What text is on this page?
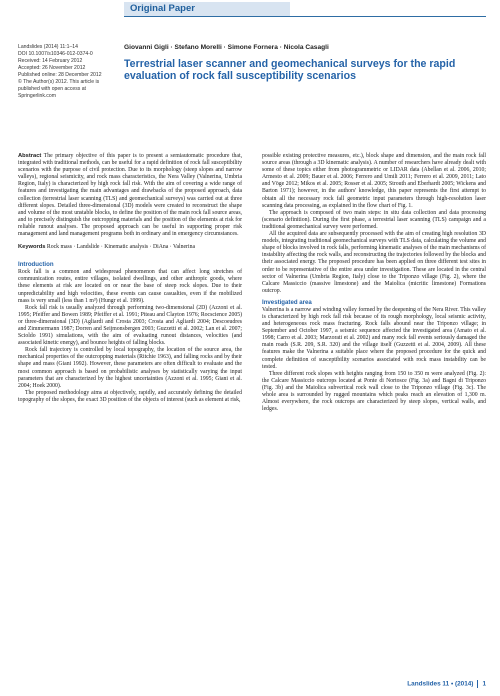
Original Paper
Landslides (2014) 11:1–14
DOI 10.1007/s10346-012-0374-0
Received: 14 February 2012
Accepted: 26 November 2012
Published online: 28 December 2012
© The Author(s) 2012. This article is
published with open access at
Springerlink.com
Giovanni Gigli · Stefano Morelli · Simone Fornera · Nicola Casagli
Terrestrial laser scanner and geomechanical surveys for the rapid evaluation of rock fall susceptibility scenarios

Abstract The primary objective of this paper is to present a semiautomatic procedure that, integrated with traditional methods, can be useful for a rapid definition of rock fall susceptibility scenarios with the purpose of civil protection. Due to its morphology (steep slopes and narrow valleys), regional seismicity, and rock mass characteristics, the Nera Valley (Valnerina, Umbria Region, Italy) is characterized by high rock fall risk. With the aim of covering a wide range of features and investigating the main advantages and drawbacks of the proposed approach, data collection (terrestrial laser scanning (TLS) and geomechanical surveys) was carried out at three different slopes. Detailed three-dimensional (3D) models were created to reconstruct the shape and volume of the most unstable blocks, to define the position of the main rock fall source areas, and to precisely distinguish the outcropping materials and the position of the elements at risk for reliable runout analyses. The proposed approach can be useful in supporting proper risk management and land management programs both in ordinary and in emergency circumstances.

Keywords Rock mass · Landslide · Kinematic analysis · DiAna · Valnerina

Introduction

Rock fall is a common and widespread phenomenon that can affect long stretches of communication routes, entire villages, isolated dwellings, and other anthropic goods, where these elements at risk are located on or near the base of steep rock slopes. Due to their unpredictability and high velocities, these events can cause casualties, even if the mobilized mass is very small (less than 1 m³) (Hungr et al. 1999).

Rock fall risk is usually analyzed through performing two-dimensional (2D) (Azzoni et al. 1995; Pfeiffer and Bowen 1989; Pfeiffer et al. 1991; Piteau and Clayton 1976; Rocscience 2005) or three-dimensional (3D) (Agliardi and Crosta 2003; Crosta and Agliardi 2004; Descoeudres and Zimmermann 1987; Dorren and Seijmonsbergen 2003; Guzzetti et al. 2002; Lan et al. 2007; Scioldo 1991) simulations, with the aim of evaluating runout distances, velocities (and associated kinetic energy), and bounce heights of falling blocks.

Rock fall trajectory is controlled by local topography, the location of the source area, the mechanical properties of the outcropping materials (Ritchie 1963), and falling rocks and by their shape and mass (Giani 1992). However, these parameters are often difficult to evaluate and the most common approach is based on probabilistic analyses by statistically varying the input parameters that are characterized by the highest uncertainties (Azzoni et al. 1995; Giani et al. 2004; Hoek 2000).

The proposed methodology aims at objectively, rapidly, and accurately defining the detailed topography of the slopes, the exact 3D position of the objects of interest (such as element at risk,

possible existing protective measures, etc.), block shape and dimension, and the main rock fall source areas (through a 3D kinematic analysis). A number of researchers have already dealt with some of these topics either from photogrammetric or LIDAR data (Abellan et al. 2006, 2010; Armesto et al. 2009; Bauer et al. 2006; Ferrero and Umili 2011; Ferrero et al. 2009, 2011; Lato and Vöge 2012; Mikos et al. 2005; Rosser et al. 2005; Strouth and Eberhardt 2005; Wickens and Barton 1971); however, in the authors' knowledge, this paper represents the first attempt to obtain all the necessary rock fall geometric input parameters through high-resolution laser scanning data processing, as explained in the flow chart of Fig. 1.

The approach is composed of two main steps: in situ data collection and data processing (scenario definition). During the first phase, a terrestrial laser scanning (TLS) campaign and a traditional geomechanical survey were performed.

All the acquired data are subsequently processed with the aim of creating high resolution 3D models, integrating traditional geomechanical surveys with TLS data, calculating the volume and shape of blocks involved in rock falls, performing kinematic analyses of the main mechanisms of instability affecting the rock walls, and reconstructing the trajectories followed by the blocks and their associated energy. The proposed procedure has been applied on three different test sites in order to be representative of the entire area under investigation. These are located in the central sector of Valnerina (Umbria Region, Italy) close to the Triponzo village (Fig. 2), where the Calcare Massiccio (massive limestone) and the Maiolica (micritic limestone) Formations outcrop.

Investigated area

Valnerina is a narrow and winding valley formed by the deepening of the Nera River. This valley is characterized by high rock fall risk because of its rough morphology, local seismic activity, and heterogeneous rock mass fracturing. Rock falls abound near the Triponzo village; in September and October 1997, a seismic sequence affected the investigated area (Amato et al. 1998; Carro et al. 2003; Marzorati et al. 2002) and many rock fall events seriously damaged the main roads (S.R. 209, S.R. 320) and the village itself (Guzzetti et al. 2004, 2009). All these features make the Valnerina a suitable place where the proposed procedure for the quick and complete definition of susceptibility scenarios associated with rock mass instability can be tested.

Three different rock slopes with heights ranging from 150 to 350 m were analyzed (Fig. 2): the Calcare Massiccio outcrops located at Ponte di Nortosce (Fig. 3a) and Bagni di Triponzo (Fig. 3b) and the Maiolica subvertical rock wall close to the Triponzo village (Fig. 3c). The whole area is surrounded by rugged mountains which peaks reach an elevation of 1,300 m. Almost everywhere, the rock outcrops are characterized by steep slopes, vertical walls, and ledges.

Landslides 11 • (2014) 1
